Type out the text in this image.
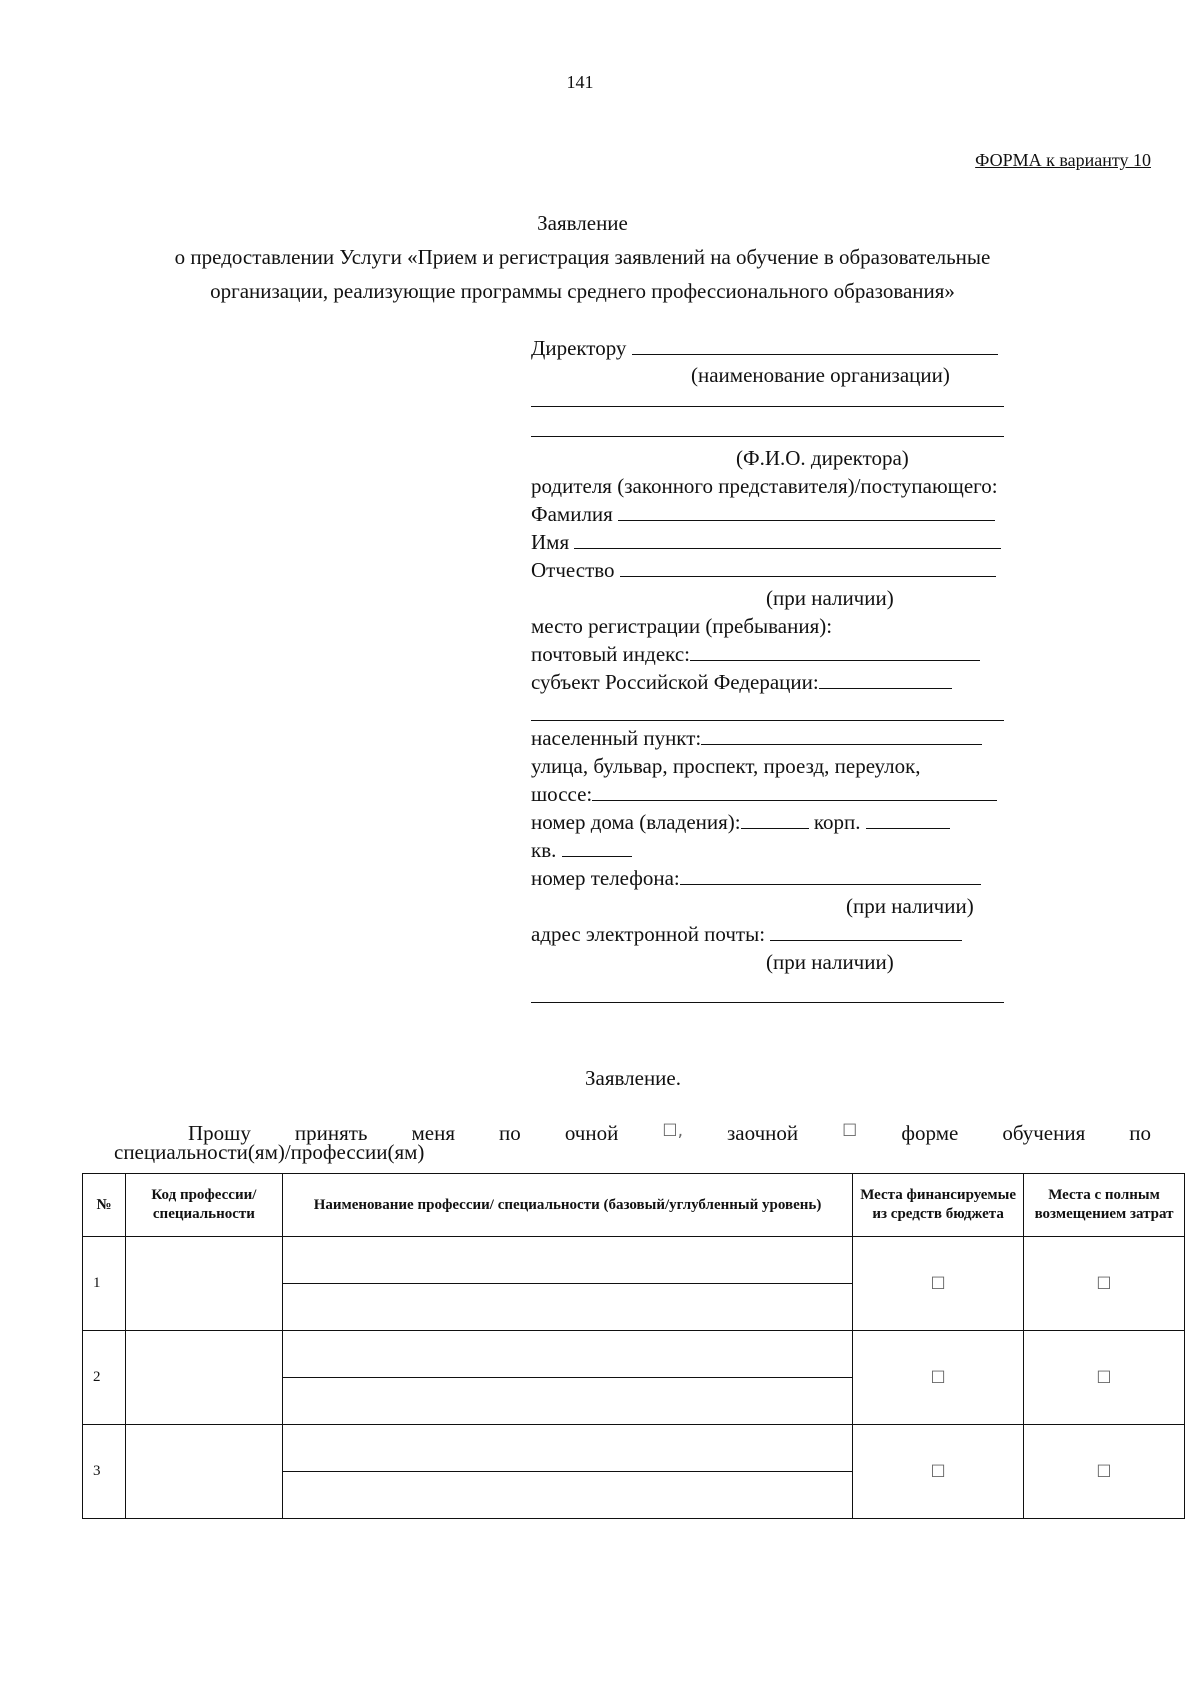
141
ФОРМА к варианту 10
Заявление
о предоставлении Услуги «Прием и регистрация заявлений на обучение в образовательные
организации, реализующие программы среднего профессионального образования»
Директору
(наименование организации)
(Ф.И.О. директора)
родителя (законного представителя)/поступающего:
Фамилия
Имя
Отчество
(при наличии)
место регистрации (пребывания):
почтовый индекс:
субъект Российской Федерации:
населенный пункт:
улица, бульвар, проспект, проезд, переулок,
шоссе:
номер дома (владения):	корп.
кв.
номер телефона:
(при наличии)
адрес электронной почты:
(при наличии)
Заявление.
Прошу принять меня по очной	☐, заочной	☐ форме обучения по
специальности(ям)/профессии(ям)
№	Код профессии/ специальности	Наименование профессии/ специальности (базовый/углубленный уровень)	Места финансируемые из средств бюджета	Места с полным возмещением затрат
1			☐	☐

2			☐	☐

3			☐	☐
